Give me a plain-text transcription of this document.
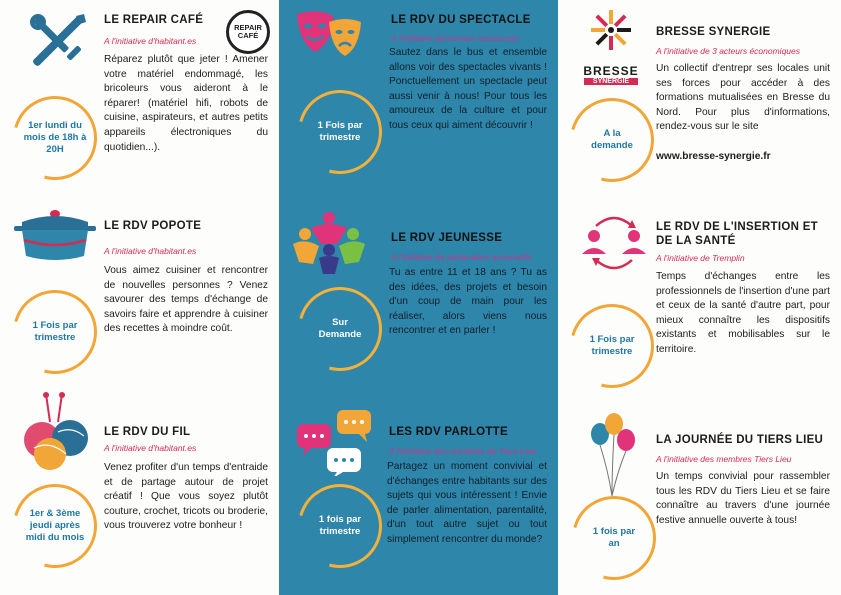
LE REPAIR CAFÉ
REPAIR CAFÉ
A l'initiative d'habitant.es
Réparez plutôt que jeter ! Amener votre matériel endommagé, les bricoleurs vous aideront à le réparer! (matériel hifi, robots de cuisine, aspirateurs, et autres petits appareils électroniques du quotidien...).
1er lundi du mois de 18h à 20H
LE RDV POPOTE
A l'initiative d'habitant.es
Vous aimez cuisiner et rencontrer de nouvelles personnes ? Venez savourer des temps d'échange de savoirs faire et apprendre à cuisiner des recettes à moindre coût.
1 Fois par trimestre
LE RDV DU FIL
A l'initiative d'habitant.es
Venez profiter d'un temps d'entraide et de partage autour de projet créatif ! Que vous soyez plutôt couture, crochet, tricots ou broderie, vous trouverez votre bonheur !
1er & 3ème jeudi après midi du mois
LE RDV DU SPECTACLE
A l'initiative personnes ressources
Sautez dans le bus et ensemble allons voir des spectacles vivants ! Ponctuellement un spectacle peut aussi venir à nous! Pour tous les amoureux de la culture et pour tous ceux qui aiment découvrir !
1 Fois par trimestre
LE RDV JEUNESSE
A l'initiative de partenaires associatifs
Tu as entre 11 et 18 ans ? Tu as des idées, des projets et besoin d'un coup de main pour les réaliser, alors viens nous rencontrer et en parler !
Sur Demande
LES RDV PARLOTTE
A l'initiative des membres du Tiers Lieu
Partagez un moment convivial et d'échanges entre habitants sur des sujets qui vous intéressent ! Envie de parler alimentation, parentalité, d'un tout autre sujet ou tout simplement rencontrer du monde?
1 fois par trimestre
BRESSE
SYNERGIE
BRESSE SYNERGIE
A l'initiative de 3 acteurs économiques
Un collectif d'entrepr ses locales unit ses forces pour accéder à des formations mutualisées en Bresse du Nord. Pour plus d'informations, rendez-vous sur le site
www.bresse-synergie.fr
A la demande
LE RDV DE L'INSERTION ET DE LA SANTÉ
A l'initiative de Tremplin
Temps d'échanges entre les professionnels de l'insertion d'une part et ceux de la santé d'autre part, pour mieux connaître les dispositifs existants et mobilisables sur le territoire.
1 Fois par trimestre
LA JOURNÉE DU TIERS LIEU
A l'initiative des membres Tiers Lieu
Un temps convivial pour rassembler tous les RDV du Tiers Lieu et se faire connaître au travers d'une journée festive annuelle ouverte à tous!
1 fois par an
